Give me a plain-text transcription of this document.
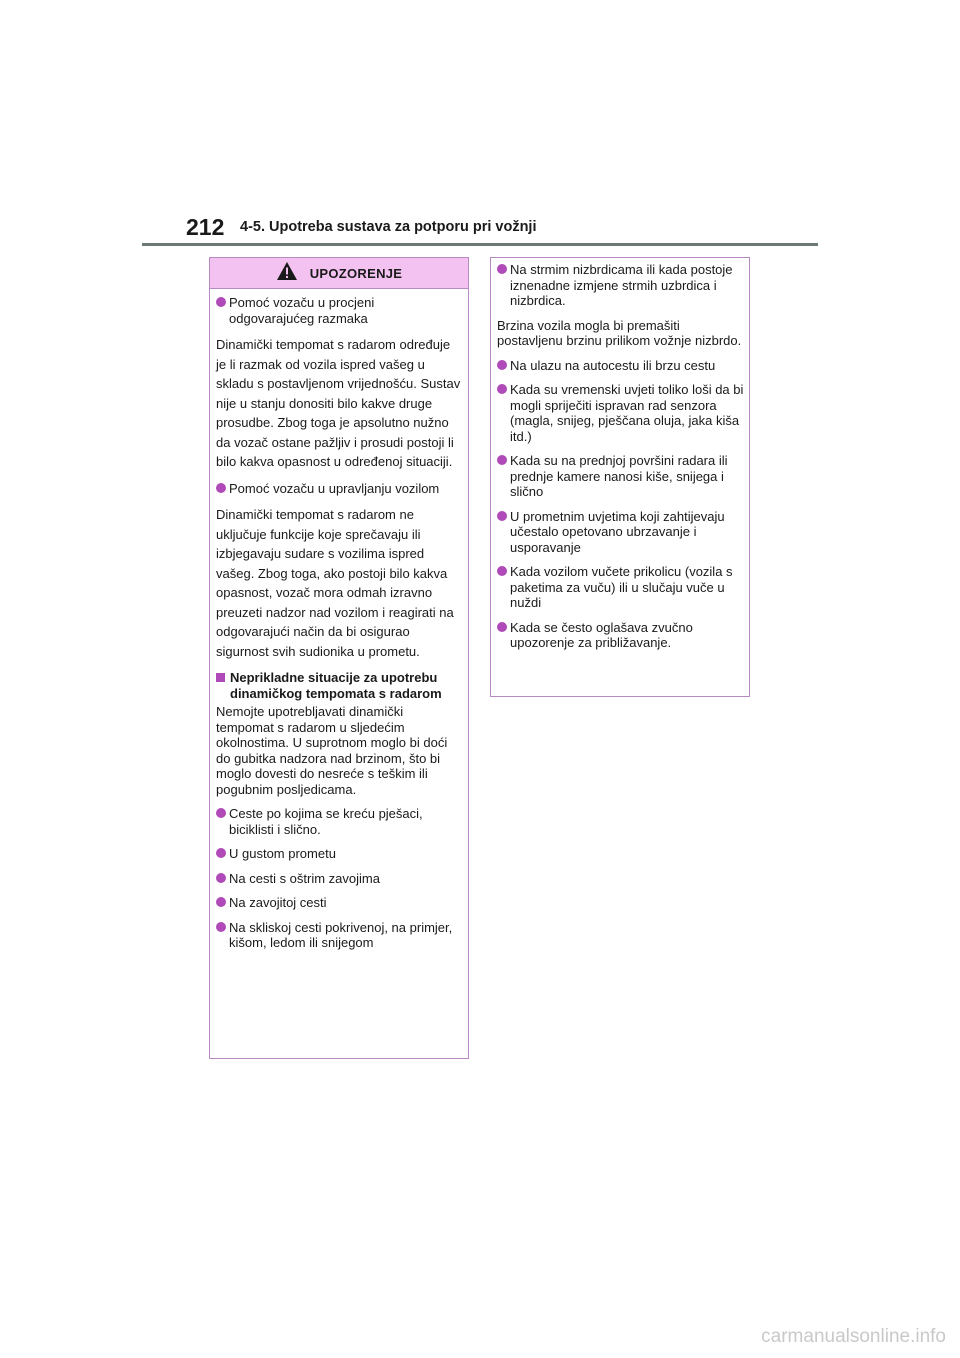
212 4-5. Upotreba sustava za potporu pri vožnji
UPOZORENJE
Pomoć vozaču u procjeni odgovarajućeg razmaka
Dinamički tempomat s radarom određuje je li razmak od vozila ispred vašeg u skladu s postavljenom vrijednošću. Sustav nije u stanju donositi bilo kakve druge prosudbe. Zbog toga je apsolutno nužno da vozač ostane pažljiv i prosudi postoji li bilo kakva opasnost u određenoj situaciji.
Pomoć vozaču u upravljanju vozilom
Dinamički tempomat s radarom ne uključuje funkcije koje sprečavaju ili izbjegavaju sudare s vozilima ispred vašeg. Zbog toga, ako postoji bilo kakva opasnost, vozač mora odmah izravno preuzeti nadzor nad vozilom i reagirati na odgovarajući način da bi osigurao sigurnost svih sudionika u prometu.
Neprikladne situacije za upotrebu dinamičkog tempomata s radarom
Nemojte upotrebljavati dinamički tempomat s radarom u sljedećim okolnostima. U suprotnom moglo bi doći do gubitka nadzora nad brzinom, što bi moglo dovesti do nesreće s teškim ili pogubnim posljedicama.
Ceste po kojima se kreću pješaci, biciklisti i slično.
U gustom prometu
Na cesti s oštrim zavojima
Na zavojitoj cesti
Na skliskoj cesti pokrivenoj, na primjer, kišom, ledom ili snijegom
Na strmim nizbrdicama ili kada postoje iznenadne izmjene strmih uzbrdica i nizbrdica.
Brzina vozila mogla bi premašiti postavljenu brzinu prilikom vožnje nizbrdo.
Na ulazu na autocestu ili brzu cestu
Kada su vremenski uvjeti toliko loši da bi mogli spriječiti ispravan rad senzora (magla, snijeg, pješčana oluja, jaka kiša itd.)
Kada su na prednjoj površini radara ili prednje kamere nanosi kiše, snijega i slično
U prometnim uvjetima koji zahtijevaju učestalo opetovano ubrzavanje i usporavanje
Kada vozilom vučete prikolicu (vozila s paketima za vuču) ili u slučaju vuče u nuždi
Kada se često oglašava zvučno upozorenje za približavanje.
carmanualsonline.info
